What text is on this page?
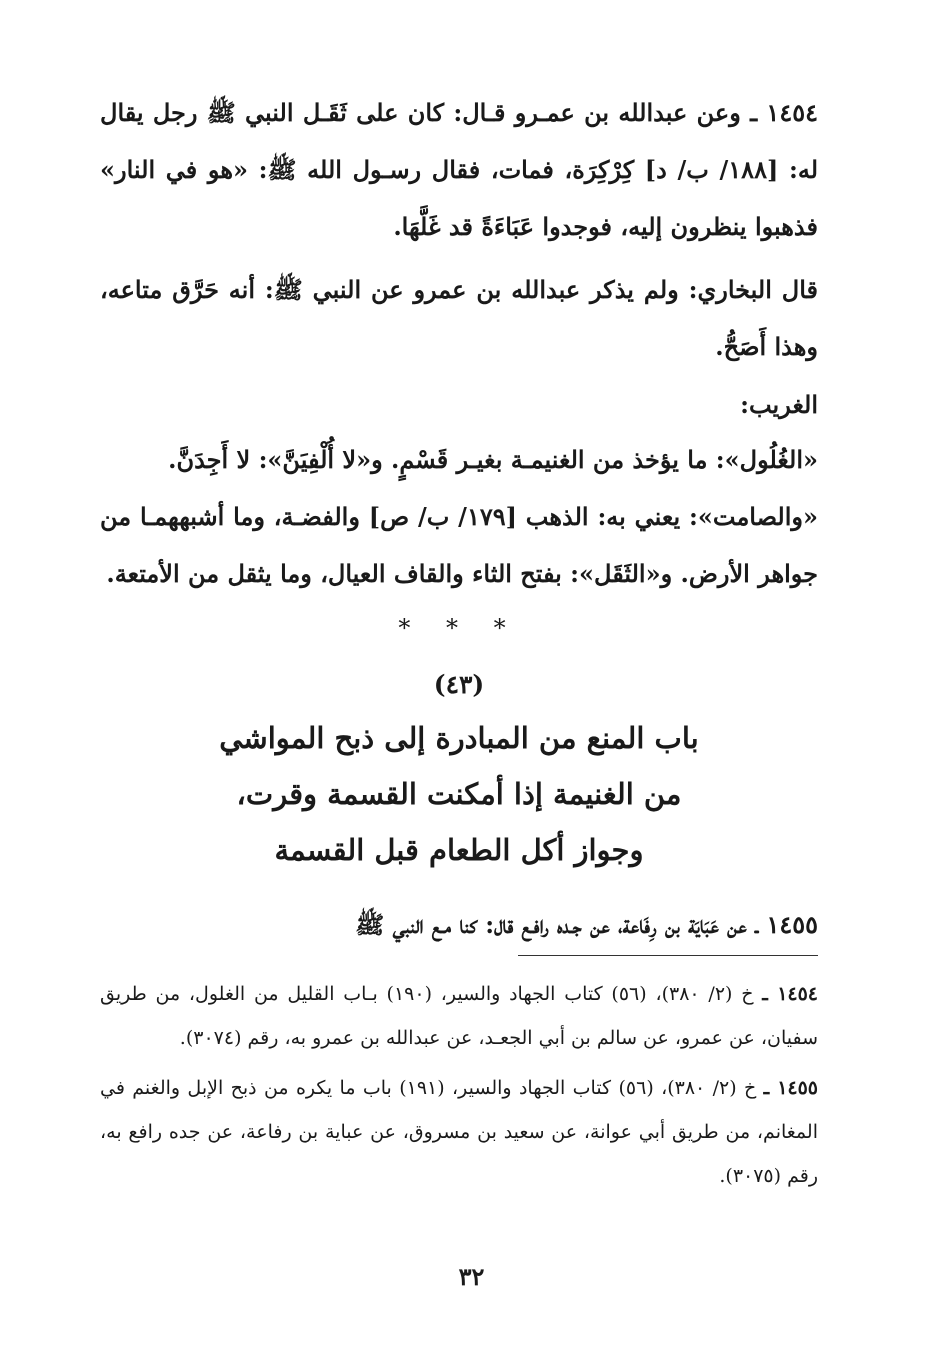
١٤٥٤ ـ وعن عبدالله بن عمـرو قـال: كان على ثَقَـل النبي ﷺ رجل يقال له: [١٨٨/ ب/ د] كِرْكِرَة، فمات، فقال رسـول الله ﷺ: «هو في النار» فذهبوا ينظرون إليه، فوجدوا عَبَاءَةً قد غَلَّهَا.

قال البخاري: ولم يذكر عبدالله بن عمرو عن النبي ﷺ: أنه حَرَّق متاعه، وهذا أَصَحُّ.

الغريب:

«الغُلُول»: ما يؤخذ من الغنيمـة بغيـر قَسْمٍ. و«لا أُلْفِيَنَّ»: لا أَجِدَنَّ.

«والصامت»: يعني به: الذهب [١٧٩/ ب/ ص] والفضـة، وما أشبههمـا من جواهر الأرض. و«الثَقَل»: بفتح الثاء والقاف العيال، وما يثقل من الأمتعة.

* * *

(٤٣)

باب المنع من المبادرة إلى ذبح المواشي

من الغنيمة إذا أمكنت القسمة وقرت،

وجواز أكل الطعام قبل القسمة

١٤٥٥ ـ عن عَبَايَة بن رِفَاعة، عن جـده رافـع قال: كنا مـع النبي ﷺ

١٤٥٤ ـ خ (٢/ ٣٨٠)، (٥٦) كتاب الجهاد والسير، (١٩٠) بـاب القليل من الغلول، من طريق سفيان، عن عمرو، عن سالم بن أبي الجعـد، عن عبدالله بن عمرو به، رقم (٣٠٧٤).

١٤٥٥ ـ خ (٢/ ٣٨٠)، (٥٦) كتاب الجهاد والسير، (١٩١) باب ما يكره من ذبح الإبل والغنم في المغانم، من طريق أبي عوانة، عن سعيد بن مسروق، عن عباية بن رفاعة، عن جده رافع به، رقم (٣٠٧٥).

٣٢
